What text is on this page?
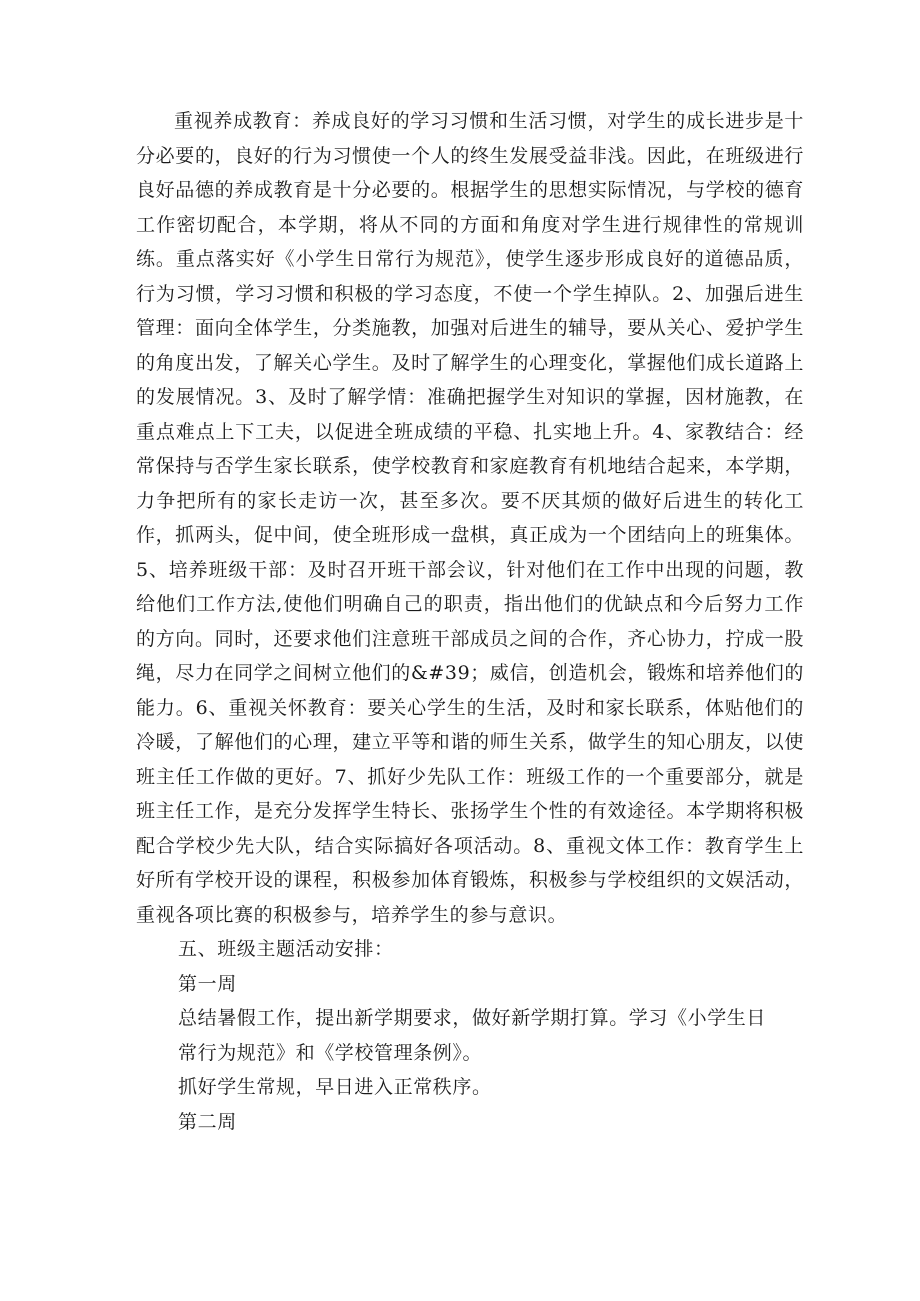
重视养成教育：养成良好的学习习惯和生活习惯，对学生的成长进步是十分必要的，良好的行为习惯使一个人的终生发展受益非浅。因此，在班级进行良好品德的养成教育是十分必要的。根据学生的思想实际情况，与学校的德育工作密切配合，本学期，将从不同的方面和角度对学生进行规律性的常规训练。重点落实好《小学生日常行为规范》，使学生逐步形成良好的道德品质，行为习惯，学习习惯和积极的学习态度，不使一个学生掉队。2、加强后进生管理：面向全体学生，分类施教，加强对后进生的辅导，要从关心、爱护学生的角度出发，了解关心学生。及时了解学生的心理变化，掌握他们成长道路上的发展情况。3、及时了解学情：准确把握学生对知识的掌握，因材施教，在重点难点上下工夫，以促进全班成绩的平稳、扎实地上升。4、家教结合：经常保持与否学生家长联系，使学校教育和家庭教育有机地结合起来，本学期，力争把所有的家长走访一次，甚至多次。要不厌其烦的做好后进生的转化工作，抓两头，促中间，使全班形成一盘棋，真正成为一个团结向上的班集体。5、培养班级干部：及时召开班干部会议，针对他们在工作中出现的问题，教给他们工作方法,使他们明确自己的职责，指出他们的优缺点和今后努力工作的方向。同时，还要求他们注意班干部成员之间的合作，齐心协力，拧成一股绳，尽力在同学之间树立他们的&#39；威信，创造机会，锻炼和培养他们的能力。6、重视关怀教育：要关心学生的生活，及时和家长联系，体贴他们的冷暖，了解他们的心理，建立平等和谐的师生关系，做学生的知心朋友，以使班主任工作做的更好。7、抓好少先队工作：班级工作的一个重要部分，就是班主任工作，是充分发挥学生特长、张扬学生个性的有效途径。本学期将积极配合学校少先大队，结合实际搞好各项活动。8、重视文体工作：教育学生上好所有学校开设的课程，积极参加体育锻炼，积极参与学校组织的文娱活动，重视各项比赛的积极参与，培养学生的参与意识。

五、班级主题活动安排：

第一周

总结暑假工作，提出新学期要求，做好新学期打算。学习《小学生日常行为规范》和《学校管理条例》。

抓好学生常规，早日进入正常秩序。

第二周
